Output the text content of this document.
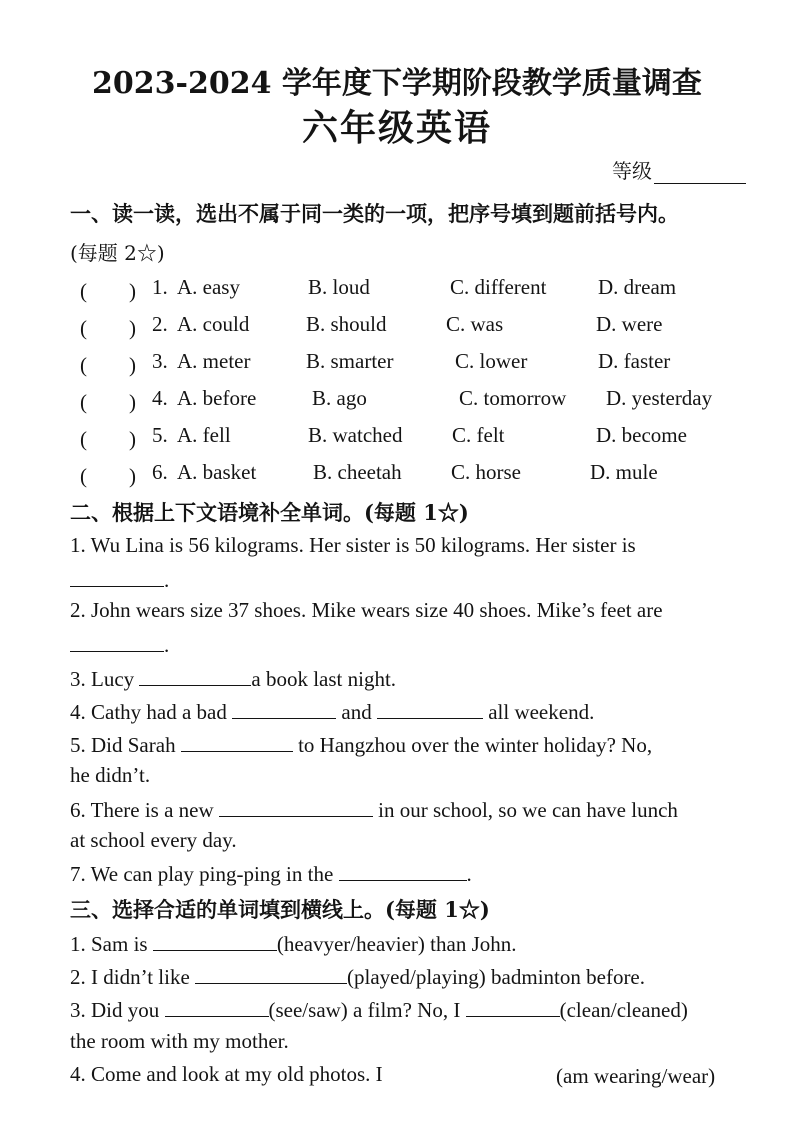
2023-2024 学年度下学期阶段教学质量调查
六年级英语
等级
一、读一读，选出不属于同一类的一项，把序号填到题前括号内。
(每题 2☆)
(　　) 1. A. easy	B. loud	C. different D. dream
(　　) 2. A. could	B. should	C. was	D. were
(　　) 3. A. meter	B. smarter	C. lower	D. faster
(　　) 4. A. before	B. ago	C. tomorrow D. yesterday
(　　) 5. A. fell	B. watched C. felt	D. become
(　　) 6. A. basket	B. cheetah C. horse	D. mule
二、根据上下文语境补全单词。(每题 1☆)
1. Wu Lina is 56 kilograms. Her sister is 50 kilograms. Her sister is
.
2. John wears size 37 shoes. Mike wears size 40 shoes. Mike’s feet are
.
3. Lucy	a book last night.
4. Cathy had a bad	and	all weekend.
5. Did Sarah	to Hangzhou over the winter holiday? No,
he didn’t.
6. There is a new	in our school, so we can have lunch
at school every day.
7. We can play ping-ping in the	.
三、选择合适的单词填到横线上。(每题 1☆)
1. Sam is	(heavyer/heavier) than John.
2. I didn’t like	(played/playing) badminton before.
3. Did you	(see/saw) a film? No, I	(clean/cleaned)
the room with my mother.
4. Come and look at my old photos. I	(am wearing/wear)
